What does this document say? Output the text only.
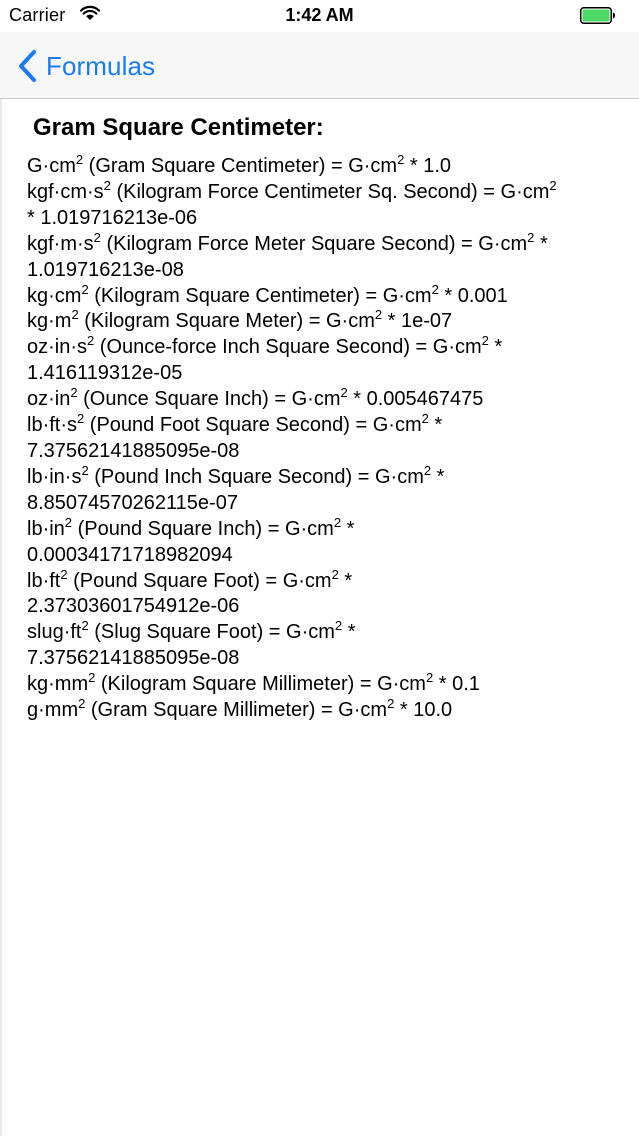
Carrier	1:42 AM
Formulas
Gram Square Centimeter:
$G\cdot cm^2$ (Gram Square Centimeter) = $G\cdot cm^2 * 1.0$
$kgf\cdot cm\cdot s^2$ (Kilogram Force Centimeter Sq. Second) = $G\cdot cm^2$
* 1.019716213e-06
$kgf\cdot m\cdot s^2$ (Kilogram Force Meter Square Second) = $G\cdot cm^2$ *
1.019716213e-08
$kg\cdot cm^2$ (Kilogram Square Centimeter) = $G\cdot cm^2 * 0.001$
$kg\cdot m^2$ (Kilogram Square Meter) = $G\cdot cm^2 * 1e-07$
$oz\cdot in\cdot s^2$ (Ounce-force Inch Square Second) = $G\cdot cm^2$ *
1.416119312e-05
$oz\cdot in^2$ (Ounce Square Inch) = $G\cdot cm^2 * 0.005467475$
$lb\cdot ft\cdot s^2$ (Pound Foot Square Second) = $G\cdot cm^2$ *
7.37562141885095e-08
$lb\cdot in\cdot s^2$ (Pound Inch Square Second) = $G\cdot cm^2$ *
8.85074570262115e-07
$lb\cdot in^2$ (Pound Square Inch) = $G\cdot cm^2$ *
0.00034171718982094
$lb\cdot ft^2$ (Pound Square Foot) = $G\cdot cm^2$ *
2.37303601754912e-06
$slug\cdot ft^2$ (Slug Square Foot) = $G\cdot cm^2$ *
7.37562141885095e-08
$kg\cdot mm^2$ (Kilogram Square Millimeter) = $G\cdot cm^2 * 0.1$
$g\cdot mm^2$ (Gram Square Millimeter) = $G\cdot cm^2 * 10.0$
